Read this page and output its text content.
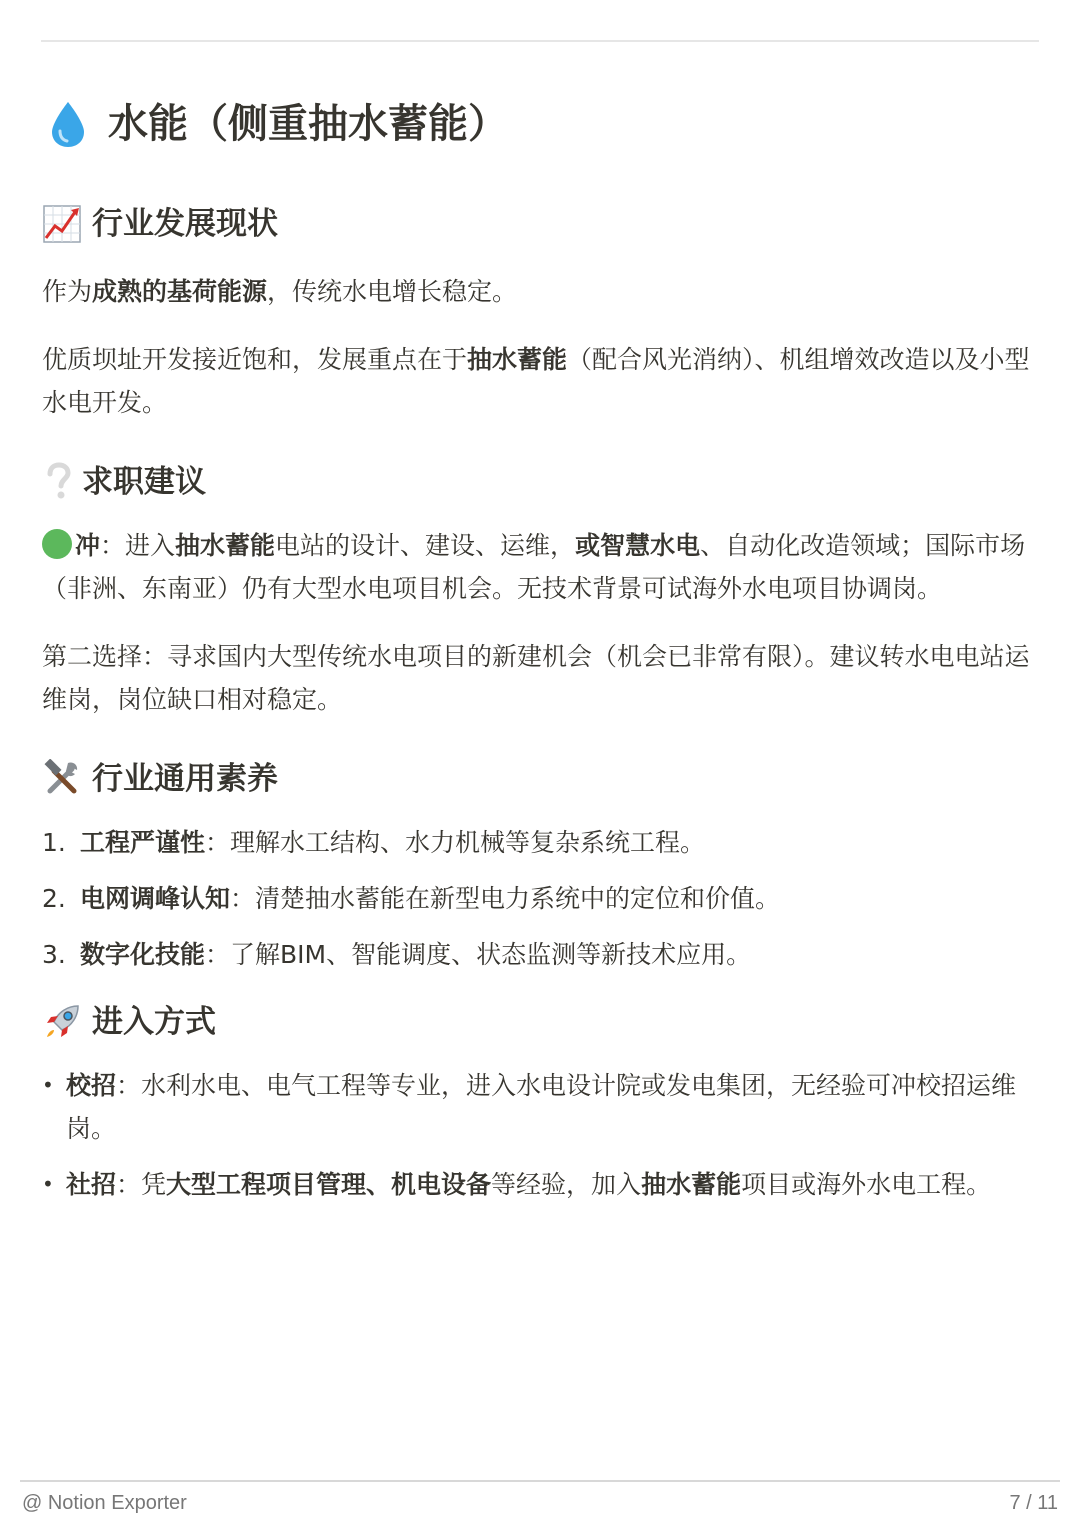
水能（侧重抽水蓄能）
行业发展现状

作为成熟的基荷能源，传统水电增长稳定。

优质坝址开发接近饱和，发展重点在于抽水蓄能（配合风光消纳）、机组增效改造以及小型水电开发。

求职建议

冲：进入抽水蓄能电站的设计、建设、运维，或智慧水电、自动化改造领域；国际市场（非洲、东南亚）仍有大型水电项目机会。无技术背景可试海外水电项目协调岗。

第二选择：寻求国内大型传统水电项目的新建机会（机会已非常有限）。建议转水电电站运维岗，岗位缺口相对稳定。

行业通用素养
1. 工程严谨性：理解水工结构、水力机械等复杂系统工程。
2. 电网调峰认知：清楚抽水蓄能在新型电力系统中的定位和价值。
3. 数字化技能：了解BIM、智能调度、状态监测等新技术应用。
进入方式
• 校招：水利水电、电气工程等专业，进入水电设计院或发电集团，无经验可冲校招运维岗。
• 社招：凭大型工程项目管理、机电设备等经验，加入抽水蓄能项目或海外水电工程。
@ Notion Exporter	7 / 11
